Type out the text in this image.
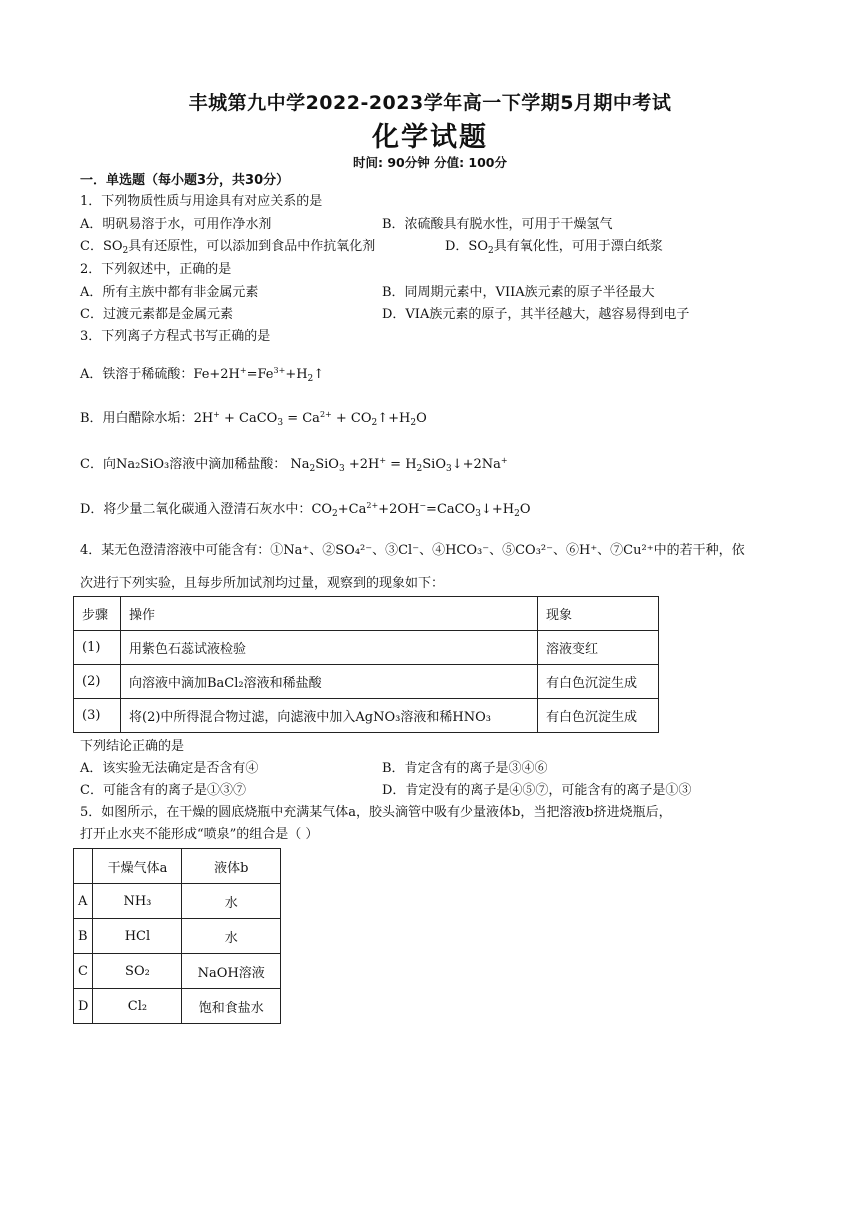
丰城第九中学2022-2023学年高一下学期5月期中考试
化学试题
时间: 90分钟 分值: 100分
一．单选题（每小题3分，共30分）
1．下列物质性质与用途具有对应关系的是
A．明矾易溶于水，可用作净水剂	B．浓硫酸具有脱水性，可用于干燥氢气
C．$SO_2$具有还原性，可以添加到食品中作抗氧化剂	D．$SO_2$具有氧化性，可用于漂白纸浆
2．下列叙述中，正确的是
A．所有主族中都有非金属元素	B．同周期元素中，VIIA族元素的原子半径最大
C．过渡元素都是金属元素	D．VIA族元素的原子，其半径越大，越容易得到电子
3．下列离子方程式书写正确的是
A．铁溶于稀硫酸：$Fe+2H^+=Fe^{3+}+H_2↑$
B．用白醋除水垢：2H+ + CaCO$_3$ = $Ca^{2+}$ + $CO_2↑+H_2O$
C．向Na₂SiO₃溶液中滴加稀盐酸： $Na_2SiO_3 +2H^+$ = $H_2SiO_3↓+2Na^+$
D．将少量二氧化碳通入澄清石灰水中：$CO_2+Ca^{2+}+2OH^-=CaCO_3↓+H_2O$
4．某无色澄清溶液中可能含有：①Na⁺、②SO₄²⁻、③Cl⁻、④HCO₃⁻、⑤CO₃²⁻、⑥H⁺、⑦Cu²⁺中的若干种，依
次进行下列实验，且每步所加试剂均过量，观察到的现象如下：
步骤	操作	现象
(1)	用紫色石蕊试液检验	溶液变红
(2)	向溶液中滴加BaCl₂溶液和稀盐酸	有白色沉淀生成
(3)	将(2)中所得混合物过滤，向滤液中加入AgNO₃溶液和稀HNO₃	有白色沉淀生成
下列结论正确的是
A．该实验无法确定是否含有④	B．肯定含有的离子是③④⑥
C．可能含有的离子是①③⑦	D．肯定没有的离子是④⑤⑦，可能含有的离子是①③
5．如图所示，在干燥的圆底烧瓶中充满某气体a，胶头滴管中吸有少量液体b，当把溶液b挤进烧瓶后，
打开止水夹不能形成“喷泉”的组合是（ ）
	干燥气体a	液体b
A	NH₃	水
B	HCl	水
C	SO₂	NaOH溶液
D	Cl₂	饱和食盐水
